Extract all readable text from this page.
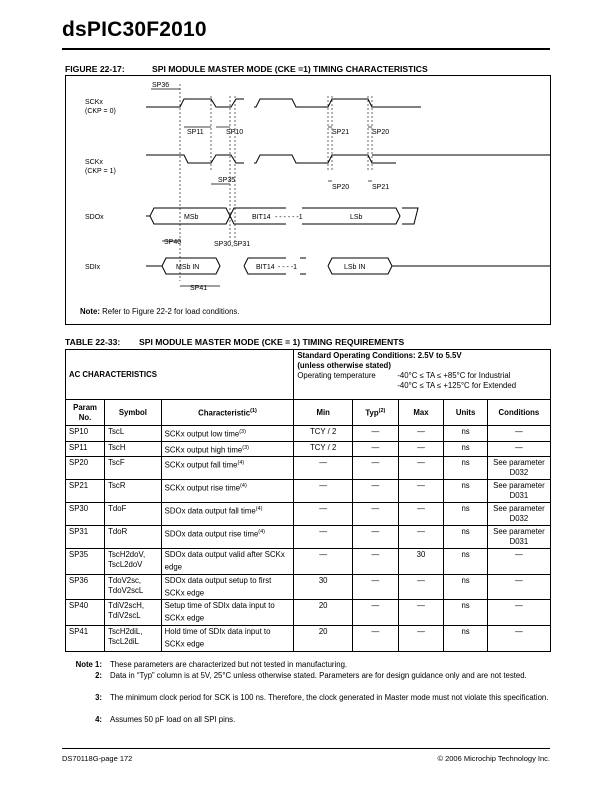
dsPIC30F2010
FIGURE 22-17:	SPI MODULE MASTER MODE (CKE =1) TIMING CHARACTERISTICS
SCKx
(CKP = 0)
SCKx
(CKP = 1)
SDOx
SDIx
SP36
SP11	SP10	SP21	SP20
SP35
SP20	SP21
MSb	BIT14 - - - - - -1	LSb
SP40	SP30,SP31
MSb IN	BIT14 - - - -1	LSb IN
SP41
Note: Refer to Figure 22-2 for load conditions.
TABLE 22-33: SPI MODULE MASTER MODE (CKE = 1) TIMING REQUIREMENTS
AC CHARACTERISTICS			Standard Operating Conditions: 2.5V to 5.5V
(unless otherwise stated)
Operating temperature -40°C ≤ TA ≤ +85°C for Industrial
-40°C ≤ TA ≤ +125°C for Extended				

Param No.	Symbol	Characteristic$^{(1)}$	Min	Typ$^{(2)}$	Max	Units	Conditions
SP10	TscL	SCKx output low time$^{(3)}$	TCY / 2	—	—	ns	—
SP11	TscH	SCKx output high time$^{(3)}$	TCY / 2	—	—	ns	—
SP20	TscF	SCKx output fall time$^{(4)}$	—	—	—	ns	See parameter D032
SP21	TscR	SCKx output rise time$^{(4)}$	—	—	—	ns	See parameter D031
SP30	TdoF	SDOx data output fall time$^{(4)}$	—	—	—	ns	See parameter D032
SP31	TdoR	SDOx data output rise time$^{(4)}$	—	—	—	ns	See parameter D031
SP35	TscH2doV, TscL2doV	SDOx data output valid after SCKx edge	—	—	30	ns	—
SP36	TdoV2sc, TdoV2scL	SDOx data output setup to first SCKx edge	30	—	—	ns	—
SP40	TdiV2scH, TdiV2scL	Setup time of SDIx data input to SCKx edge	20	—	—	ns	—
SP41	TscH2diL, TscL2diL	Hold time of SDIx data input to SCKx edge	20	—	—	ns	—
Note 1: These parameters are characterized but not tested in manufacturing.
2: Data in “Typ” column is at 5V, 25°C unless otherwise stated. Parameters are for design guidance only and are not tested.
3: The minimum clock period for SCK is 100 ns. Therefore, the clock generated in Master mode must not violate this specification.
4: Assumes 50 pF load on all SPI pins.
DS70118G-page 172	© 2006 Microchip Technology Inc.
